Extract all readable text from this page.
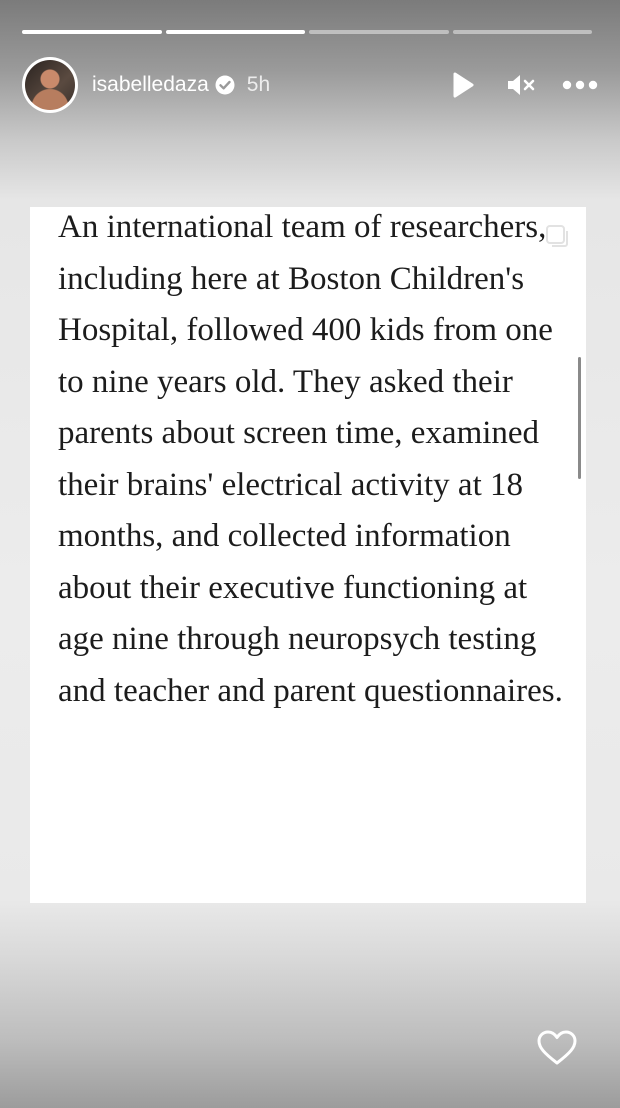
isabelledaza 5h

An international team of researchers, including here at Boston Children's Hospital, followed 400 kids from one to nine years old. They asked their parents about screen time, examined their brains' electrical activity at 18 months, and collected information about their executive functioning at age nine through neuropsych testing and teacher and parent questionnaires.
